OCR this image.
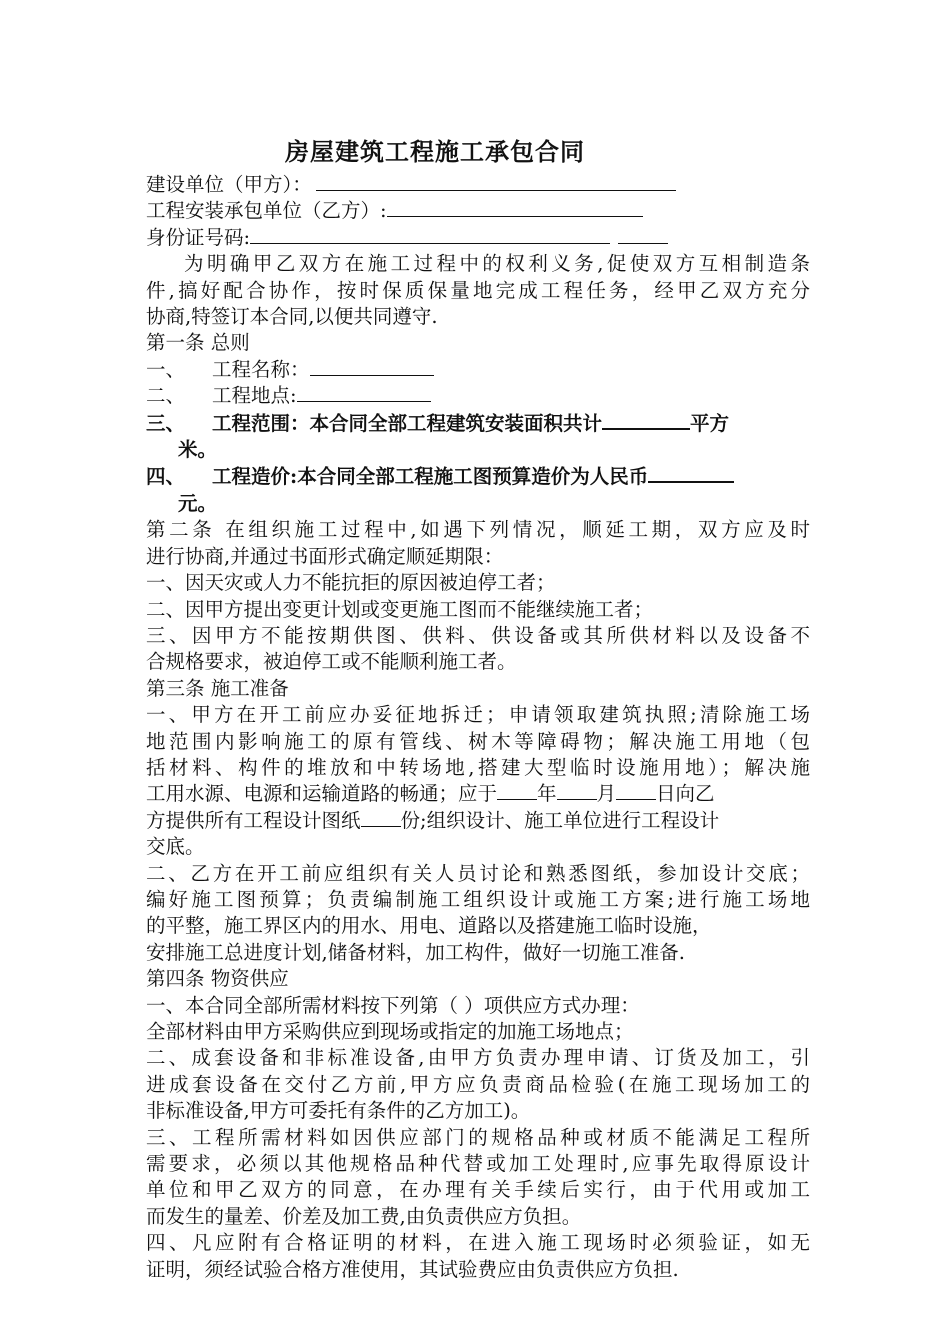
房屋建筑工程施工承包合同
建设单位（甲方）：
工程安装承包单位（乙方）:
身份证号码:
为明确甲乙双方在施工过程中的权利义务,促使双方互相制造条
件,搞好配合协作，按时保质保量地完成工程任务，经甲乙双方充分
协商,特签订本合同,以便共同遵守.
第一条 总则
一、 工程名称：
二、 工程地点:
三、 工程范围：本合同全部工程建筑安装面积共计	平方
米。
四、 工程造价:本合同全部工程施工图预算造价为人民币
元。
第二条 在组织施工过程中,如遇下列情况，顺延工期，双方应及时
进行协商,并通过书面形式确定顺延期限：
一、因天灾或人力不能抗拒的原因被迫停工者；
二、因甲方提出变更计划或变更施工图而不能继续施工者；
三、因甲方不能按期供图、供料、供设备或其所供材料以及设备不
合规格要求，被迫停工或不能顺利施工者。
第三条 施工准备
一、甲方在开工前应办妥征地拆迁；申请领取建筑执照;清除施工场
地范围内影响施工的原有管线、树木等障碍物；解决施工用地（包
括材料、构件的堆放和中转场地,搭建大型临时设施用地）；解决施
工用水源、电源和运输道路的畅通；应于 年 月 日向乙
方提供所有工程设计图纸 份;组织设计、施工单位进行工程设计
交底。
二、乙方在开工前应组织有关人员讨论和熟悉图纸，参加设计交底；
编好施工图预算；负责编制施工组织设计或施工方案;进行施工场地
的平整，施工界区内的用水、用电、道路以及搭建施工临时设施，
安排施工总进度计划,储备材料，加工构件，做好一切施工准备.
第四条 物资供应
一、本合同全部所需材料按下列第（ ）项供应方式办理：
全部材料由甲方采购供应到现场或指定的加施工场地点；
二、成套设备和非标准设备,由甲方负责办理申请、订货及加工，引
进成套设备在交付乙方前,甲方应负责商品检验(在施工现场加工的
非标准设备,甲方可委托有条件的乙方加工)。
三、工程所需材料如因供应部门的规格品种或材质不能满足工程所
需要求，必须以其他规格品种代替或加工处理时,应事先取得原设计
单位和甲乙双方的同意，在办理有关手续后实行，由于代用或加工
而发生的量差、价差及加工费,由负责供应方负担。
四、凡应附有合格证明的材料，在进入施工现场时必须验证，如无
证明，须经试验合格方准使用，其试验费应由负责供应方负担.
